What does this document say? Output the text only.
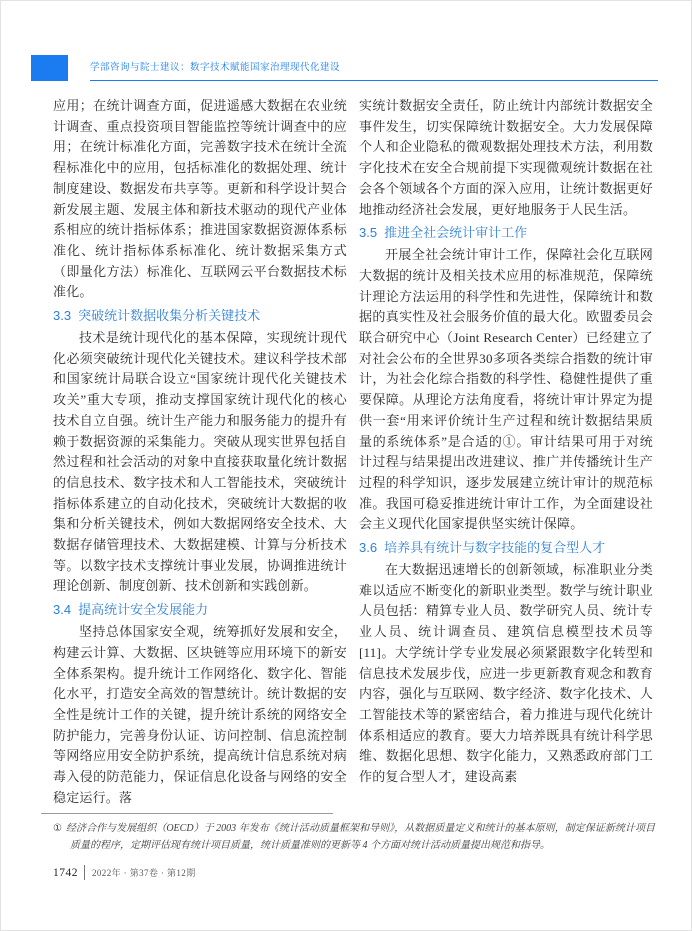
学部咨询与院士建议：数字技术赋能国家治理现代化建设

应用；在统计调查方面，促进遥感大数据在农业统计调查、重点投资项目智能监控等统计调查中的应用；在统计标准化方面，完善数字技术在统计全流程标准化中的应用，包括标准化的数据处理、统计制度建设、数据发布共享等。更新和科学设计契合新发展主题、发展主体和新技术驱动的现代产业体系相应的统计指标体系；推进国家数据资源体系标准化、统计指标体系标准化、统计数据采集方式（即量化方法）标准化、互联网云平台数据技术标准化。

3.3 突破统计数据收集分析关键技术

技术是统计现代化的基本保障，实现统计现代化必须突破统计现代化关键技术。建议科学技术部和国家统计局联合设立“国家统计现代化关键技术攻关”重大专项，推动支撑国家统计现代化的核心技术自立自强。统计生产能力和服务能力的提升有赖于数据资源的采集能力。突破从现实世界包括自然过程和社会活动的对象中直接获取量化统计数据的信息技术、数字技术和人工智能技术，突破统计指标体系建立的自动化技术，突破统计大数据的收集和分析关键技术，例如大数据网络安全技术、大数据存储管理技术、大数据建模、计算与分析技术等。以数字技术支撑统计事业发展，协调推进统计理论创新、制度创新、技术创新和实践创新。

3.4 提高统计安全发展能力

坚持总体国家安全观，统筹抓好发展和安全，构建云计算、大数据、区块链等应用环境下的新安全体系架构。提升统计工作网络化、数字化、智能化水平，打造安全高效的智慧统计。统计数据的安全性是统计工作的关键，提升统计系统的网络安全防护能力，完善身份认证、访问控制、信息流控制等网络应用安全防护系统，提高统计信息系统对病毒入侵的防范能力，保证信息化设备与网络的安全稳定运行。落

实统计数据安全责任，防止统计内部统计数据安全事件发生，切实保障统计数据安全。大力发展保障个人和企业隐私的微观数据处理技术方法，利用数字化技术在安全合规前提下实现微观统计数据在社会各个领域各个方面的深入应用，让统计数据更好地推动经济社会发展，更好地服务于人民生活。

3.5 推进全社会统计审计工作

开展全社会统计审计工作，保障社会化互联网大数据的统计及相关技术应用的标准规范，保障统计理论方法运用的科学性和先进性，保障统计和数据的真实性及社会服务价值的最大化。欧盟委员会联合研究中心（Joint Research Center）已经建立了对社会公布的全世界30多项各类综合指数的统计审计，为社会化综合指数的科学性、稳健性提供了重要保障。从理论方法角度看，将统计审计界定为提供一套“用来评价统计生产过程和统计数据结果质量的系统体系”是合适的①。审计结果可用于对统计过程与结果提出改进建议、推广并传播统计生产过程的科学知识，逐步发展建立统计审计的规范标准。我国可稳妥推进统计审计工作，为全面建设社会主义现代化国家提供坚实统计保障。

3.6 培养具有统计与数字技能的复合型人才

在大数据迅速增长的创新领域，标准职业分类难以适应不断变化的新职业类型。数学与统计职业人员包括：精算专业人员、数学研究人员、统计专业人员、统计调查员、建筑信息模型技术员等[11]。大学统计学专业发展必须紧跟数字化转型和信息技术发展步伐，应进一步更新教育观念和教育内容，强化与互联网、数字经济、数字化技术、人工智能技术等的紧密结合，着力推进与现代化统计体系相适应的教育。要大力培养既具有统计科学思维、数据化思想、数字化能力，又熟悉政府部门工作的复合型人才，建设高素

① 经济合作与发展组织（OECD）于 2003 年发布《统计活动质量框架和导则》，从数据质量定义和统计的基本原则，制定保证新统计项目质量的程序，定期评估现有统计项目质量，统计质量准则的更新等 4 个方面对统计活动质量提出规范和指导。

1742 2022年 · 第37卷 · 第12期
